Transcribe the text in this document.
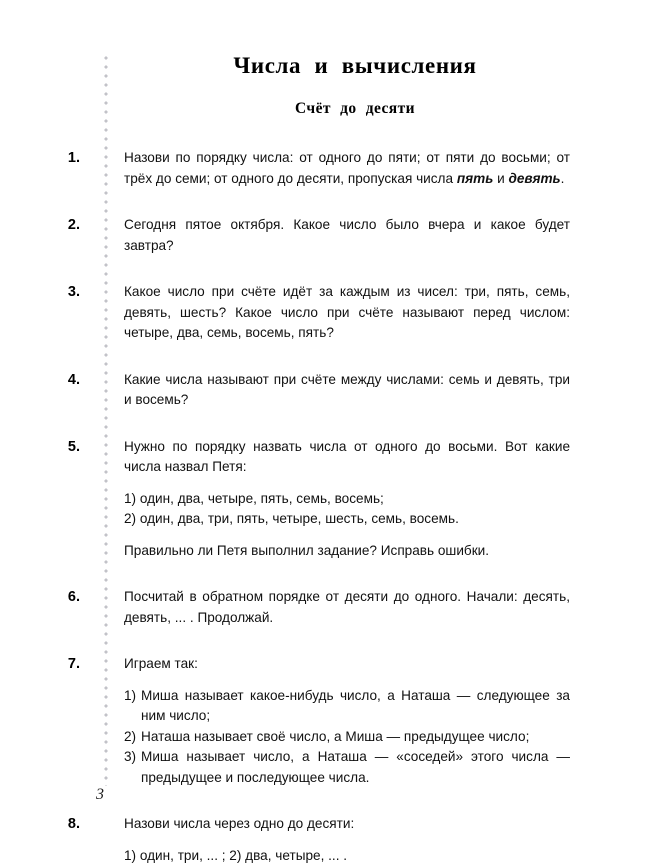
Числа и вычисления
Счёт до десяти
1.	Назови по порядку числа: от одного до пяти; от пяти до восьми; от трёх до семи; от одного до десяти, пропуская числа пять и девять.

2.	Сегодня пятое октября. Какое число было вчера и какое будет завтра?

3.	Какое число при счёте идёт за каждым из чисел: три, пять, семь, девять, шесть? Какое число при счёте называют перед числом: четыре, два, семь, восемь, пять?

4.	Какие числа называют при счёте между числами: семь и девять, три и восемь?

5.	Нужно по порядку назвать числа от одного до восьми. Вот какие числа назвал Петя:

1) один, два, четыре, пять, семь, восемь;
2) один, два, три, пять, четыре, шесть, семь, восемь.

Правильно ли Петя выполнил задание? Исправь ошибки.

6.	Посчитай в обратном порядке от десяти до одного. Начали: десять, девять, ... . Продолжай.

7.	Играем так:

1) Миша называет какое-нибудь число, а Наташа — следующее за ним число;
2) Наташа называет своё число, а Миша — предыдущее число;
3) Миша называет число, а Наташа — «соседей» этого числа — предыдущее и последующее числа.
8.	Назови числа через одно до десяти:

1) один, три, ... ; 2) два, четыре, ... .
3
